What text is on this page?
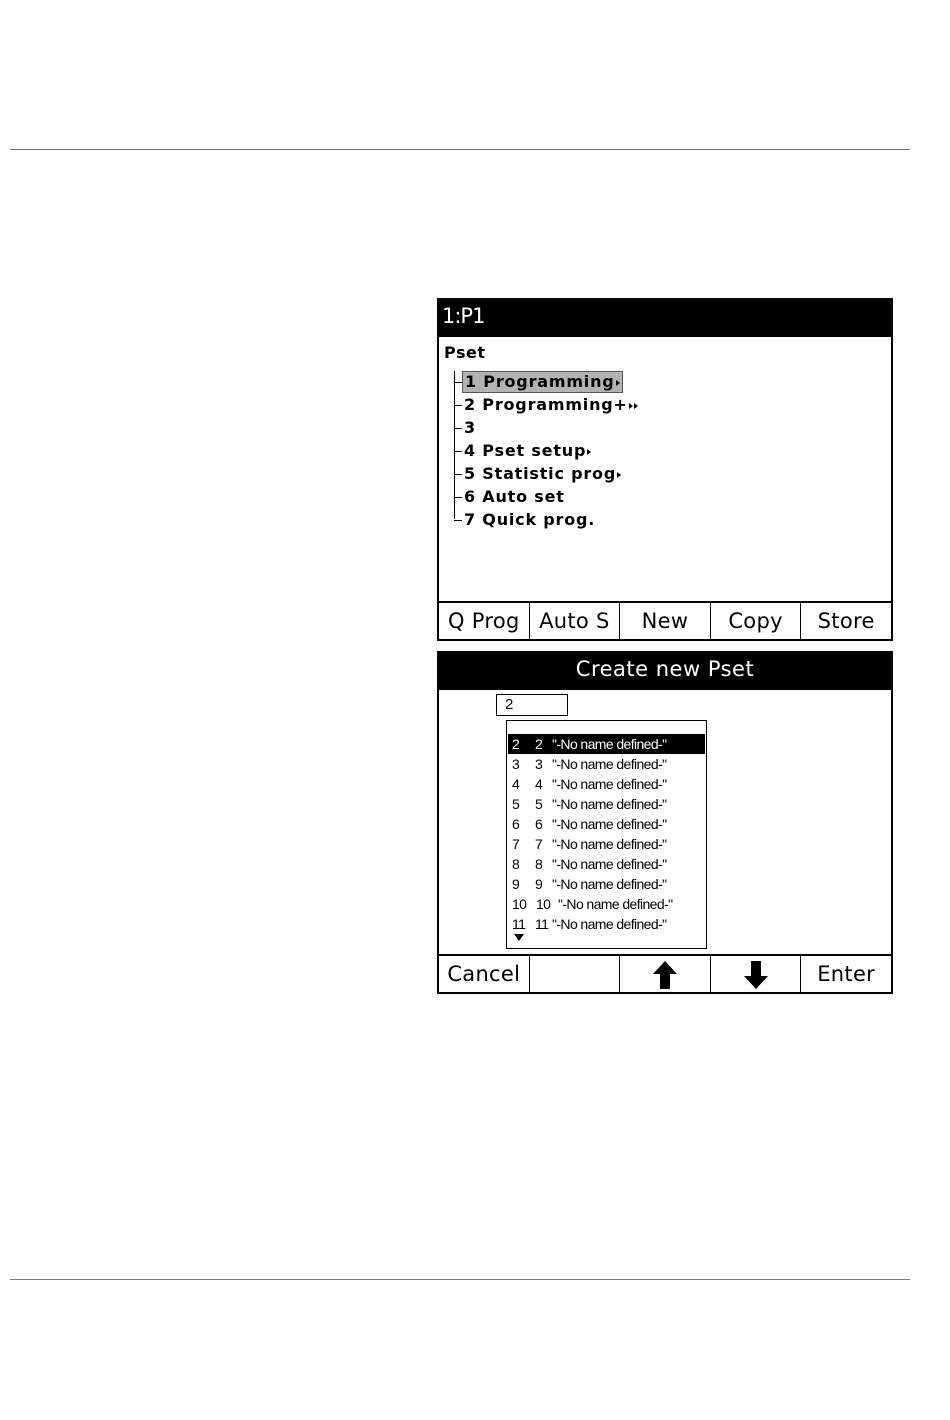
1:P1
Pset
1 Programming
2 Programming+
3
4 Pset setup
5 Statistic prog
6 Auto set
7 Quick prog.
Q Prog Auto S	New	Copy	Store
Create new Pset
2
2 2 "-No name defined-"
3 3 "-No name defined-"
4 4 "-No name defined-"
5 5 "-No name defined-"
6 6 "-No name defined-"
7 7 "-No name defined-"
8 8 "-No name defined-"
9 9 "-No name defined-"
10 10 "-No name defined-"
11 11 "-No name defined-"
Cancel	Enter
